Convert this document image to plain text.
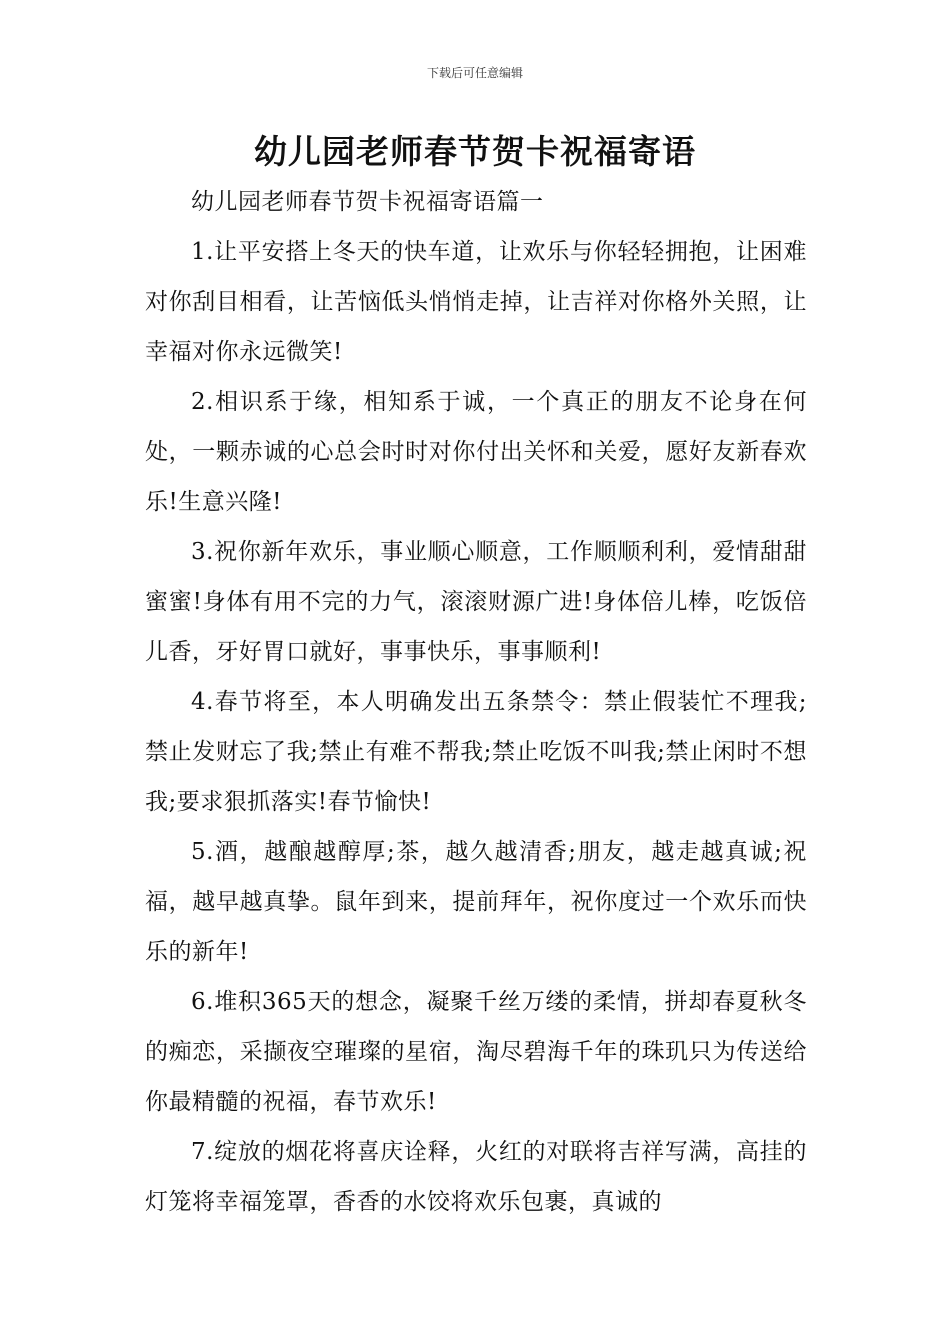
下载后可任意编辑
幼儿园老师春节贺卡祝福寄语

幼儿园老师春节贺卡祝福寄语篇一

1.让平安搭上冬天的快车道，让欢乐与你轻轻拥抱，让困难对你刮目相看，让苦恼低头悄悄走掉，让吉祥对你格外关照，让幸福对你永远微笑!

2.相识系于缘，相知系于诚，一个真正的朋友不论身在何处，一颗赤诚的心总会时时对你付出关怀和关爱，愿好友新春欢乐!生意兴隆!

3.祝你新年欢乐，事业顺心顺意，工作顺顺利利，爱情甜甜蜜蜜!身体有用不完的力气，滚滚财源广进!身体倍儿棒，吃饭倍儿香，牙好胃口就好，事事快乐，事事顺利!

4.春节将至，本人明确发出五条禁令：禁止假装忙不理我;禁止发财忘了我;禁止有难不帮我;禁止吃饭不叫我;禁止闲时不想我;要求狠抓落实!春节愉快!

5.酒，越酿越醇厚;茶，越久越清香;朋友，越走越真诚;祝福，越早越真挚。鼠年到来，提前拜年，祝你度过一个欢乐而快乐的新年!

6.堆积365天的想念，凝聚千丝万缕的柔情，拼却春夏秋冬的痴恋，采撷夜空璀璨的星宿，淘尽碧海千年的珠玑只为传送给你最精髓的祝福，春节欢乐!

7.绽放的烟花将喜庆诠释，火红的对联将吉祥写满，高挂的灯笼将幸福笼罩，香香的水饺将欢乐包裹，真诚的
